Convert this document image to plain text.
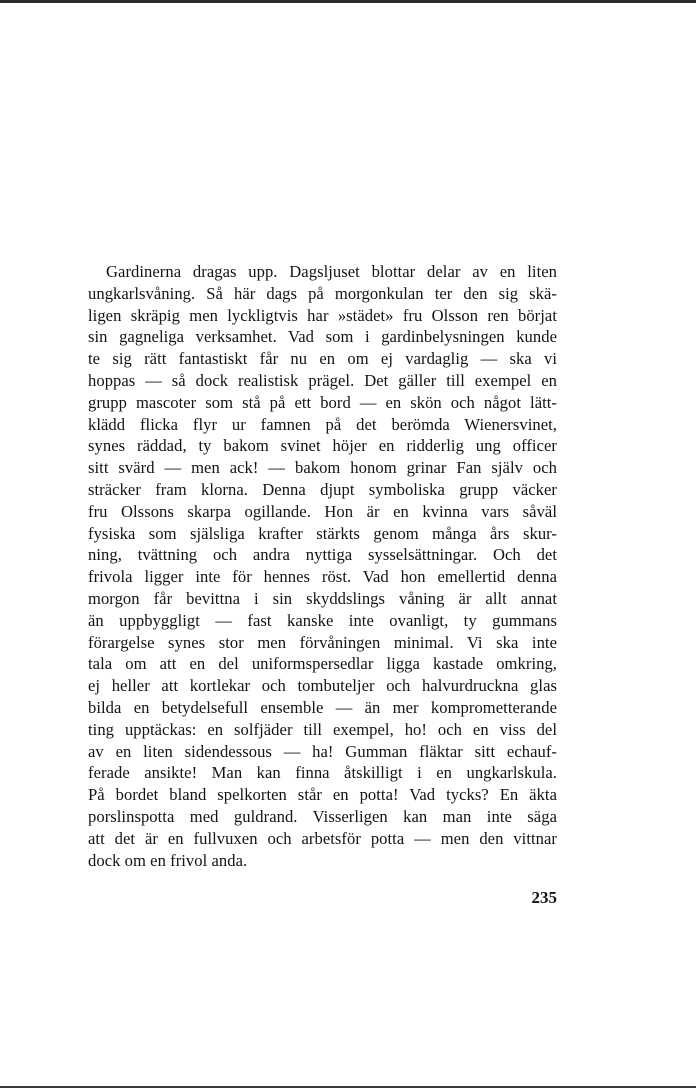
Gardinerna dragas upp. Dagsljuset blottar delar av en liten
ungkarlsvåning. Så här dags på morgonkulan ter den sig skä-
ligen skräpig men lyckligtvis har »städet» fru Olsson ren börjat
sin gagneliga verksamhet. Vad som i gardinbelysningen kunde
te sig rätt fantastiskt får nu en om ej vardaglig — ska vi
hoppas — så dock realistisk prägel. Det gäller till exempel en
grupp mascoter som stå på ett bord — en skön och något lätt-
klädd flicka flyr ur famnen på det berömda Wienersvinet,
synes räddad, ty bakom svinet höjer en ridderlig ung officer
sitt svärd — men ack! — bakom honom grinar Fan själv och
sträcker fram klorna. Denna djupt symboliska grupp väcker
fru Olssons skarpa ogillande. Hon är en kvinna vars såväl
fysiska som själsliga krafter stärkts genom många års skur-
ning, tvättning och andra nyttiga sysselsättningar. Och det
frivola ligger inte för hennes röst. Vad hon emellertid denna
morgon får bevittna i sin skyddslings våning är allt annat
än uppbyggligt — fast kanske inte ovanligt, ty gummans
förargelse synes stor men förvåningen minimal. Vi ska inte
tala om att en del uniformspersedlar ligga kastade omkring,
ej heller att kortlekar och tombuteljer och halvurdruckna glas
bilda en betydelsefull ensemble — än mer komprometterande
ting upptäckas: en solfjäder till exempel, ho! och en viss del
av en liten sidendessous — ha! Gumman fläktar sitt echauf-
ferade ansikte! Man kan finna åtskilligt i en ungkarlskula.
På bordet bland spelkorten står en potta! Vad tycks? En äkta
porslinspotta med guldrand. Visserligen kan man inte säga
att det är en fullvuxen och arbetsför potta — men den vittnar
dock om en frivol anda.
235
